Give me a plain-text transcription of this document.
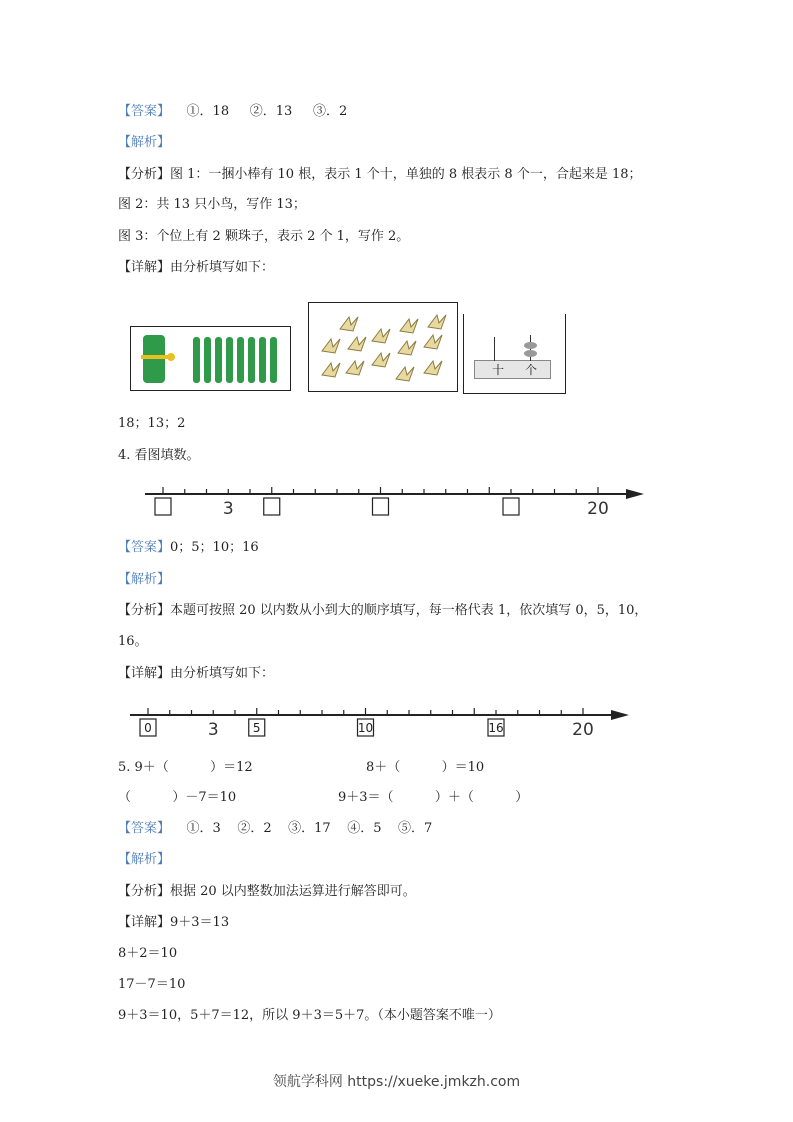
【答案】    ①．18     ②．13     ③．2
【解析】
【分析】图 1：一捆小棒有 10 根，表示 1 个十，单独的 8 根表示 8 个一，合起来是 18；
图 2：共 13 只小鸟，写作 13；
图 3：个位上有 2 颗珠子，表示 2 个 1，写作 2。
【详解】由分析填写如下：
十 个
18；13；2
4. 看图填数。
3	20
【答案】0；5；10；16
【解析】
【分析】本题可按照 20 以内数从小到大的顺序填写，每一格代表 1，依次填写 0，5，10，
16。
【详解】由分析填写如下：
3	20
0	5	10	16
5. 9＋（          ）＝12	8＋（          ）＝10
（          ）－7＝10	9＋3＝（          ）＋（          ）
【答案】    ①．3    ②．2    ③．17    ④．5    ⑤．7
【解析】
【分析】根据 20 以内整数加法运算进行解答即可。
【详解】9＋3＝13
8＋2＝10
17－7＝10
9＋3＝10，5＋7＝12，所以 9＋3＝5＋7。（本小题答案不唯一）
领航学科网 https://xueke.jmkzh.com
